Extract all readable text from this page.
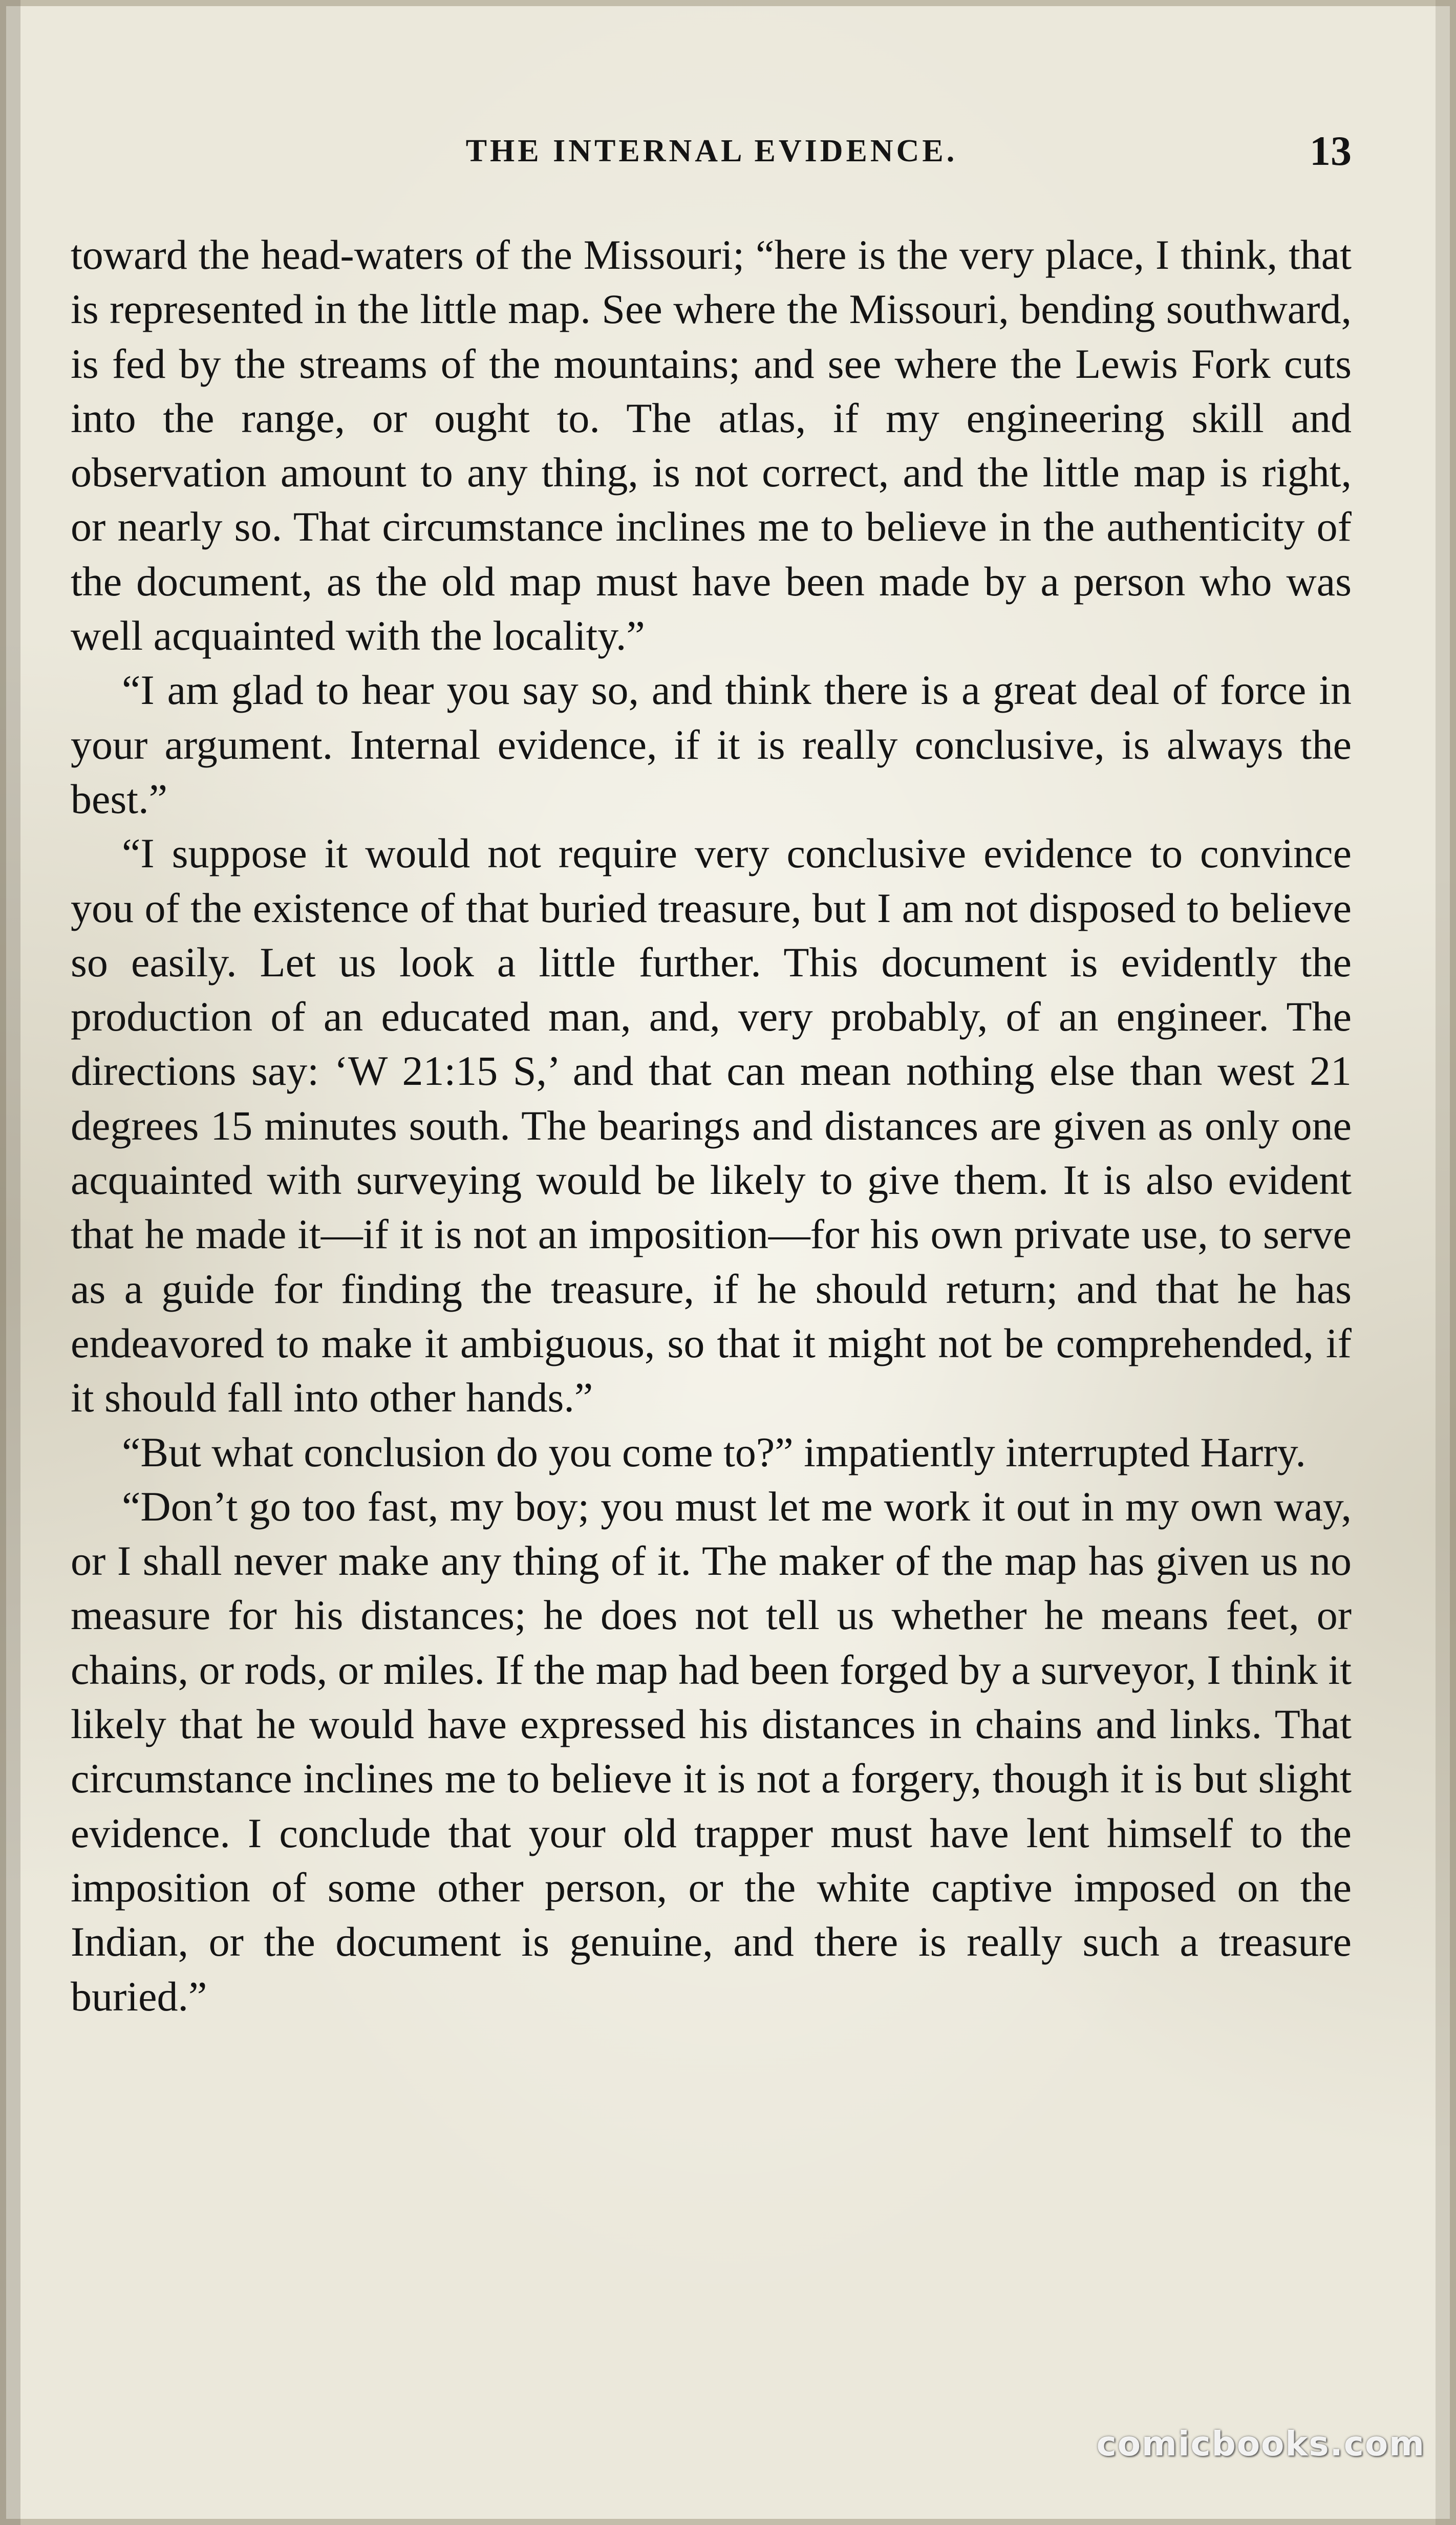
THE INTERNAL EVIDENCE.	13

toward the head-waters of the Missouri; “here is the very place, I think, that is represented in the little map. See where the Missouri, bending southward, is fed by the streams of the mountains; and see where the Lewis Fork cuts into the range, or ought to. The atlas, if my engineering skill and observation amount to any thing, is not correct, and the little map is right, or nearly so. That circumstance inclines me to believe in the authenticity of the document, as the old map must have been made by a person who was well acquainted with the locality.”

“I am glad to hear you say so, and think there is a great deal of force in your argument. Internal evidence, if it is really conclusive, is always the best.”

“I suppose it would not require very conclusive evidence to convince you of the existence of that buried treasure, but I am not disposed to believe so easily. Let us look a little further. This document is evidently the production of an educated man, and, very probably, of an engineer. The directions say: ‘W 21:15 S,’ and that can mean nothing else than west 21 degrees 15 minutes south. The bearings and distances are given as only one acquainted with surveying would be likely to give them. It is also evident that he made it—if it is not an imposition—for his own private use, to serve as a guide for finding the treasure, if he should return; and that he has endeavored to make it ambiguous, so that it might not be comprehended, if it should fall into other hands.”

“But what conclusion do you come to?” impatiently interrupted Harry.

“Don’t go too fast, my boy; you must let me work it out in my own way, or I shall never make any thing of it. The maker of the map has given us no measure for his distances; he does not tell us whether he means feet, or chains, or rods, or miles. If the map had been forged by a surveyor, I think it likely that he would have expressed his distances in chains and links. That circumstance inclines me to believe it is not a forgery, though it is but slight evidence. I conclude that your old trapper must have lent himself to the imposition of some other person, or the white captive imposed on the Indian, or the document is genuine, and there is really such a treasure buried.”

comicbooks.com
